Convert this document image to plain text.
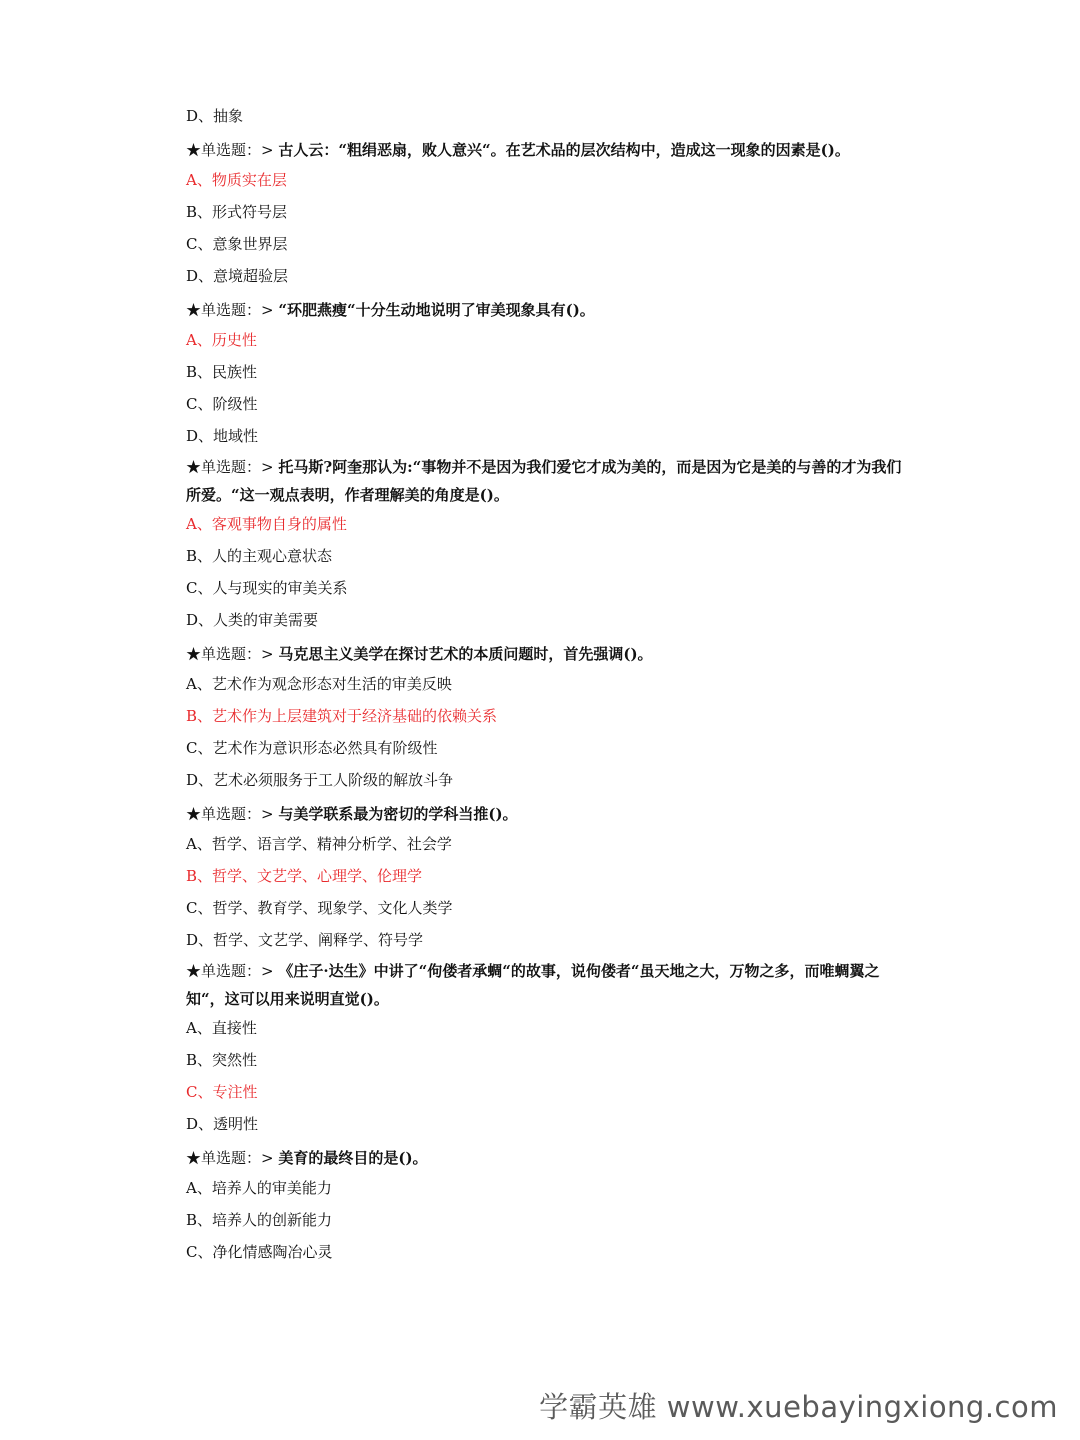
D、抽象
★单选题：> 古人云：“粗绢恶扇，败人意兴“。在艺术品的层次结构中，造成这一现象的因素是()。
A、物质实在层
B、形式符号层
C、意象世界层
D、意境超验层
★单选题：> “环肥燕瘦“十分生动地说明了审美现象具有()。
A、历史性
B、民族性
C、阶级性
D、地域性
★单选题：> 托马斯?阿奎那认为:“事物并不是因为我们爱它才成为美的，而是因为它是美的与善的才为我们所爱。“这一观点表明，作者理解美的角度是()。
A、客观事物自身的属性
B、人的主观心意状态
C、人与现实的审美关系
D、人类的审美需要
★单选题：> 马克思主义美学在探讨艺术的本质问题时，首先强调()。
A、艺术作为观念形态对生活的审美反映
B、艺术作为上层建筑对于经济基础的依赖关系
C、艺术作为意识形态必然具有阶级性
D、艺术必须服务于工人阶级的解放斗争
★单选题：> 与美学联系最为密切的学科当推()。
A、哲学、语言学、精神分析学、社会学
B、哲学、文艺学、心理学、伦理学
C、哲学、教育学、现象学、文化人类学
D、哲学、文艺学、阐释学、符号学
★单选题：> 《庄子·达生》中讲了“佝偻者承蜩“的故事，说佝偻者“虽天地之大，万物之多，而唯蜩翼之知“，这可以用来说明直觉()。
A、直接性
B、突然性
C、专注性
D、透明性
★单选题：> 美育的最终目的是()。
A、培养人的审美能力
B、培养人的创新能力
C、净化情感陶冶心灵
学霸英雄 www.xuebayingxiong.com
